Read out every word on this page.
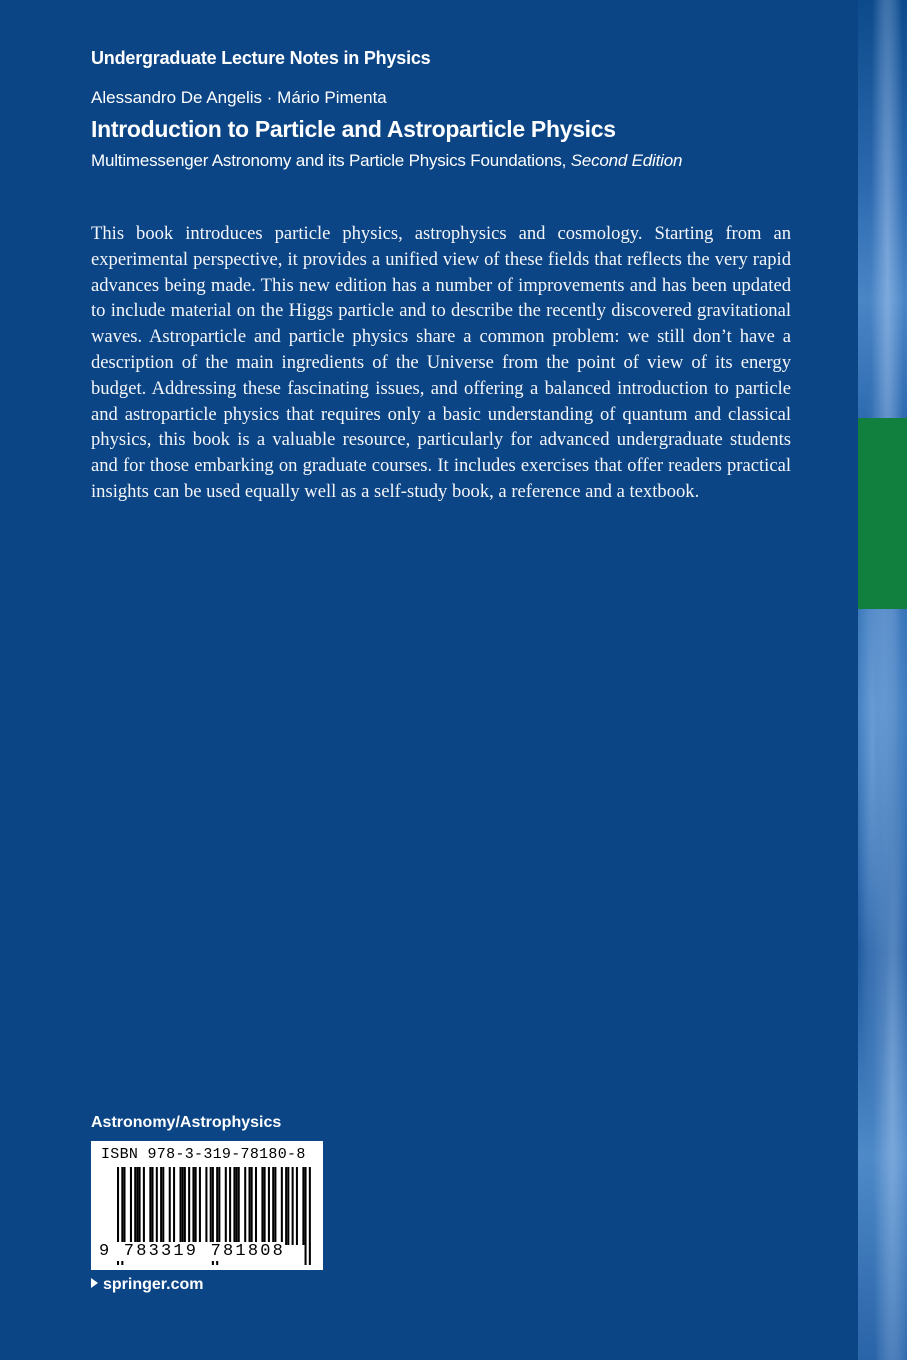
Undergraduate Lecture Notes in Physics
Alessandro De Angelis · Mário Pimenta
Introduction to Particle and Astroparticle Physics
Multimessenger Astronomy and its Particle Physics Foundations, Second Edition
This book introduces particle physics, astrophysics and cosmology. Starting from an experimental perspective, it provides a unified view of these fields that reflects the very rapid advances being made. This new edition has a number of improvements and has been updated to include material on the Higgs particle and to describe the recently discovered gravitational waves. Astroparticle and particle physics share a common problem: we still don’t have a description of the main ingredients of the Universe from the point of view of its energy budget. Addressing these fascinating issues, and offering a balanced introduction to particle and astroparticle physics that requires only a basic understanding of quantum and classical physics, this book is a valuable resource, particularly for advanced undergraduate students and for those embarking on graduate courses. It includes exercises that offer readers practical insights can be used equally well as a self-study book, a reference and a textbook.
Astronomy/Astrophysics
ISBN 978-3-319-78180-8
9 783319 781808
springer.com
